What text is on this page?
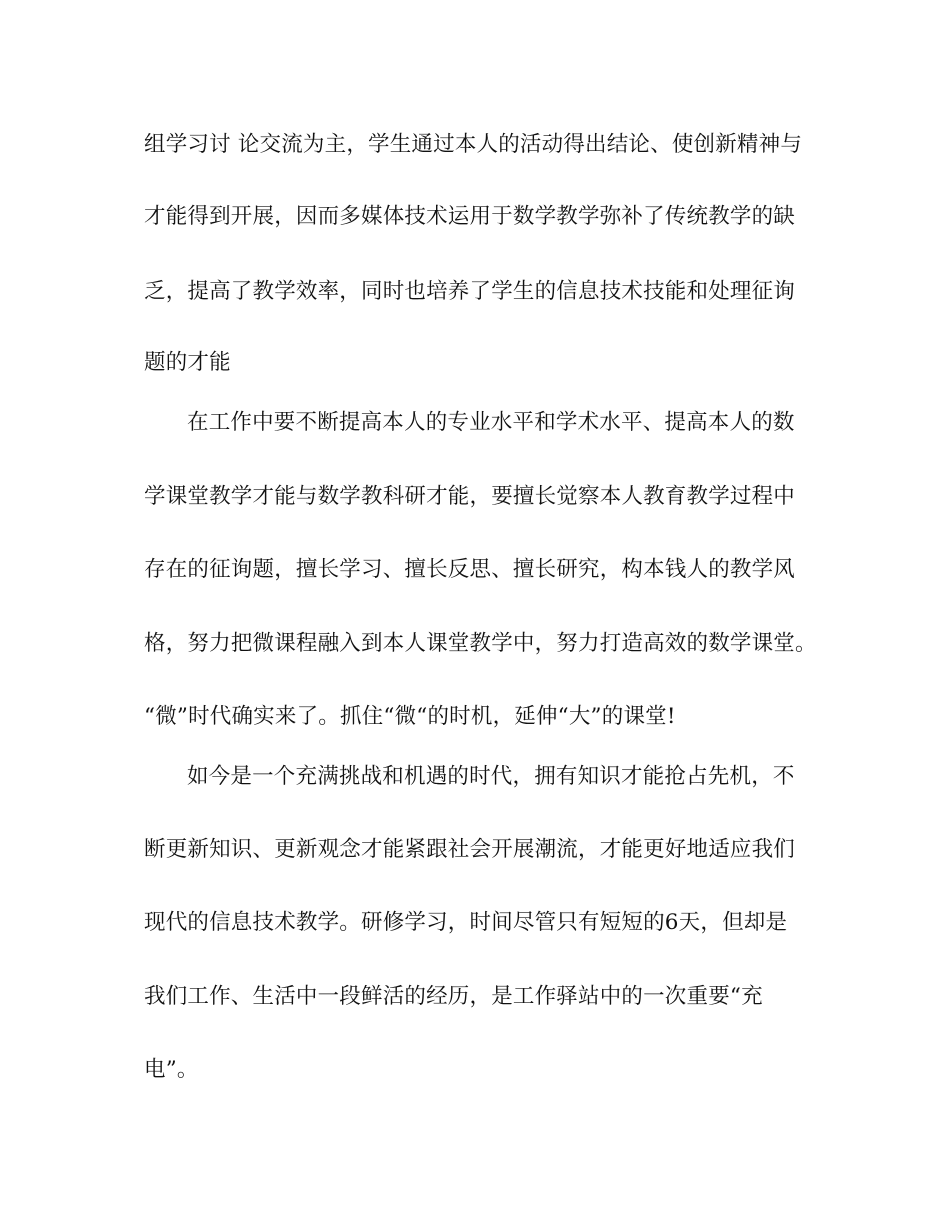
组学习讨 论交流为主，学生通过本人的活动得出结论、使创新精神与
才能得到开展，因而多媒体技术运用于数学教学弥补了传统教学的缺
乏，提高了教学效率，同时也培养了学生的信息技术技能和处理征询
题的才能
在工作中要不断提高本人的专业水平和学术水平、提高本人的数
学课堂教学才能与数学教科研才能，要擅长觉察本人教育教学过程中
存在的征询题，擅长学习、擅长反思、擅长研究，构本钱人的教学风
格，努力把微课程融入到本人课堂教学中，努力打造高效的数学课堂。
“微”时代确实来了。抓住“微“的时机，延伸“大”的课堂!
如今是一个充满挑战和机遇的时代，拥有知识才能抢占先机，不
断更新知识、更新观念才能紧跟社会开展潮流，才能更好地适应我们
现代的信息技术教学。研修学习，时间尽管只有短短的6天，但却是
我们工作、生活中一段鲜活的经历，是工作驿站中的一次重要“充
电”。
